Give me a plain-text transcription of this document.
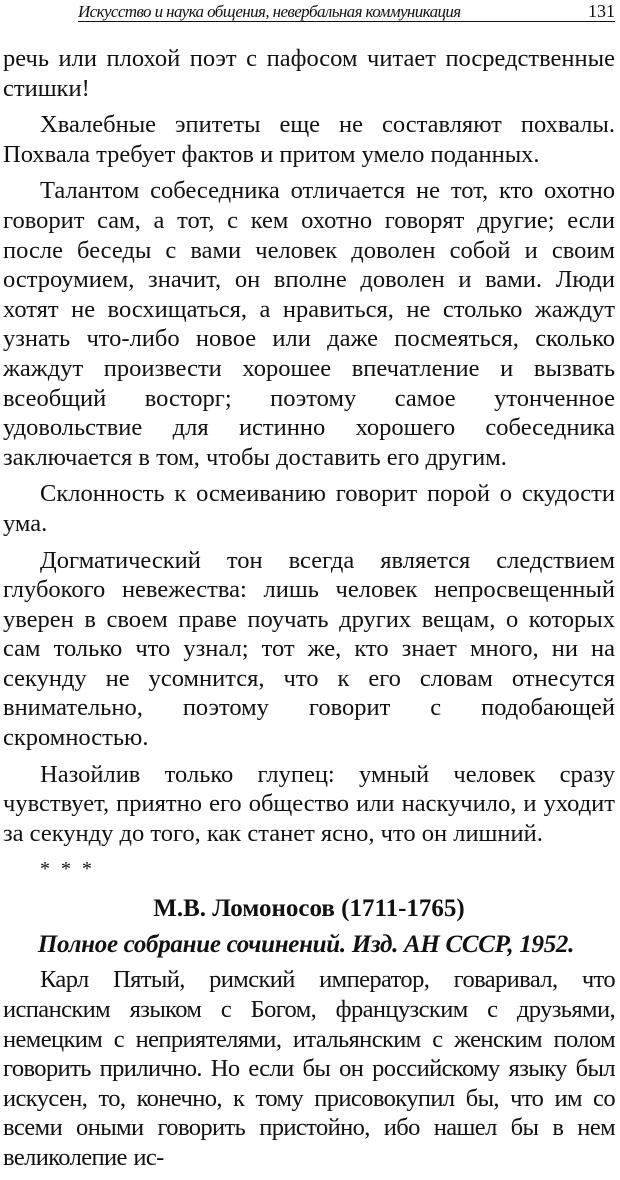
Искусство и наука общения, невербальная коммуникация	131

речь или плохой поэт с пафосом читает посредственные стишки!

Хвалебные эпитеты еще не составляют похвалы. Похвала требует фактов и притом умело поданных.

Талантом собеседника отличается не тот, кто охотно говорит сам, а тот, с кем охотно говорят другие; если после беседы с вами человек доволен собой и своим остроумием, значит, он вполне доволен и вами. Люди хотят не восхищаться, а нравиться, не столько жаждут узнать что-либо новое или даже посмеяться, сколько жаждут произвести хорошее впечатление и вызвать всеобщий восторг; поэтому самое утонченное удовольствие для истинно хорошего собеседника заключается в том, чтобы доставить его другим.

Склонность к осмеиванию говорит порой о скудости ума.

Догматический тон всегда является следствием глубокого невежества: лишь человек непросвещенный уверен в своем праве поучать других вещам, о которых сам только что узнал; тот же, кто знает много, ни на секунду не усомнится, что к его словам отнесутся внимательно, поэтому говорит с подобающей скромностью.

Назойлив только глупец: умный человек сразу чувствует, приятно его общество или наскучило, и уходит за секунду до того, как станет ясно, что он лишний.

* * *
М.В. Ломоносов (1711-1765)
Полное собрание сочинений. Изд. АН СССР, 1952.

Карл Пятый, римский император, говаривал, что испанским языком с Богом, французским с друзьями, немецким с неприятелями, итальянским с женским полом говорить прилично. Но если бы он российскому языку был искусен, то, конечно, к тому присовокупил бы, что им со всеми оными говорить пристойно, ибо нашел бы в нем великолепие ис-
